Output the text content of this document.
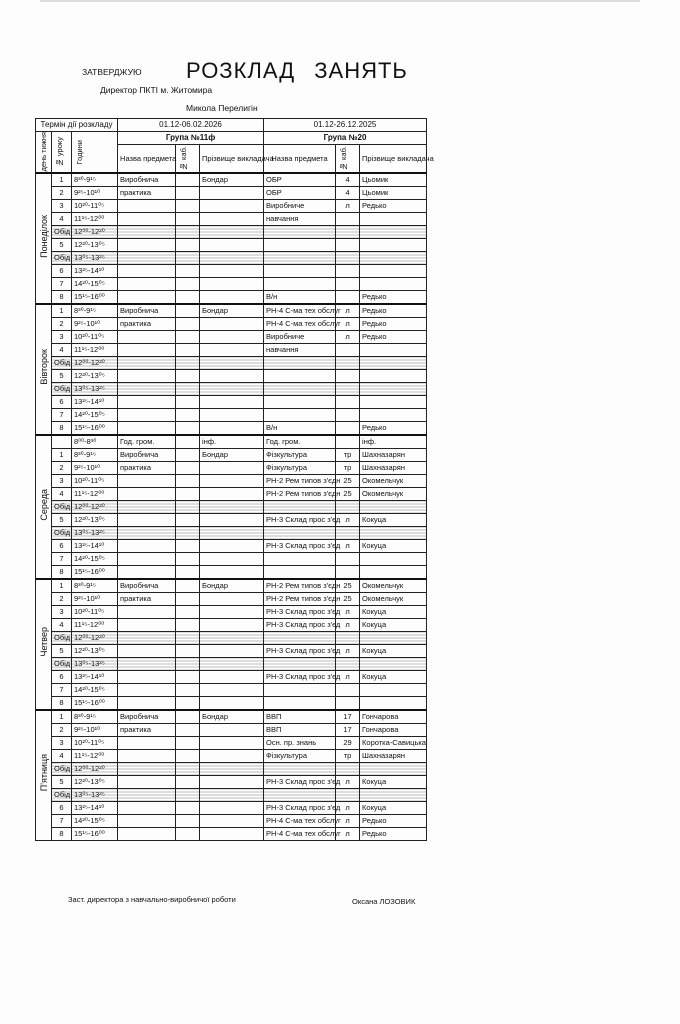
ЗАТВЕРДЖУЮ
Директор ПКТІ м. Житомира
Микола Перелигін
РОЗКЛАД ЗАНЯТЬ
Термін дії розкладу			01.12-06.02.2026			01.12-26.12.2025		

день тижня	№ уроку	Години	Група №11ф			Група №20		
			Назва предмета	№ каб.	Прізвище викладача	Назва предмета	№ каб.	Прізвище викладача
Понеділок	1	8³⁰-9¹⁵	Виробнича		Бондар	ОБР	4	Цьомик
	2	9²⁵-10¹⁰	практика			ОБР	4	Цьомик
	3	10²⁰-11⁰⁵				Виробниче	л	Редько
	4	11¹⁵-12⁰⁰				навчання		
	Обід	12⁰⁰-12²⁰						
	5	12²⁰-13⁰⁵						
	Обід	13⁰⁵-13²⁵						
	6	13²⁵-14¹⁰						
	7	14²⁰-15⁰⁵						
	8	15¹⁵-16⁰⁰				В/н		Редько
Вівторок	1	8³⁰-9¹⁵	Виробнича		Бондар	РН-4 С-ма тех обслуг	л	Редько
	2	9²⁵-10¹⁰	практика			РН-4 С-ма тех обслуг	л	Редько
	3	10²⁰-11⁰⁵				Виробниче	л	Редько
	4	11¹⁵-12⁰⁰				навчання		
	Обід	12⁰⁰-12²⁰						
	5	12²⁰-13⁰⁵						
	Обід	13⁰⁵-13²⁵						
	6	13²⁵-14¹⁰						
	7	14²⁰-15⁰⁵						
	8	15¹⁵-16⁰⁰				В/н		Редько
Середа		8⁰⁰-8³⁰	Год. гром.		інф.	Год. гром.		інф.
	1	8³⁰-9¹⁵	Виробнича		Бондар	Фізкультура	тр	Шахназарян
	2	9²⁵-10¹⁰	практика			Фізкультура	тр	Шахназарян
	3	10²⁰-11⁰⁵				РН-2 Рем типов з'єдн	25	Окомельчук
	4	11¹⁵-12⁰⁰				РН-2 Рем типов з'єдн	25	Окомельчук
	Обід	12⁰⁰-12²⁰						
	5	12²⁰-13⁰⁵				РН-3 Склад прос з'єд	л	Кокуца
	Обід	13⁰⁵-13²⁵						
	6	13²⁵-14¹⁰				РН-3 Склад прос з'єд	л	Кокуца
	7	14²⁰-15⁰⁵						
	8	15¹⁵-16⁰⁰						
Четвер	1	8³⁰-9¹⁵	Виробнича		Бондар	РН-2 Рем типов з'єдн	25	Окомельчук
	2	9²⁵-10¹⁰	практика			РН-2 Рем типов з'єдн	25	Окомельчук
	3	10²⁰-11⁰⁵				РН-3 Склад прос з'єд	л	Кокуца
	4	11¹⁵-12⁰⁰				РН-3 Склад прос з'єд	л	Кокуца
	Обід	12⁰⁰-12²⁰						
	5	12²⁰-13⁰⁵				РН-3 Склад прос з'єд	л	Кокуца
	Обід	13⁰⁵-13²⁵						
	6	13²⁵-14¹⁰				РН-3 Склад прос з'єд	л	Кокуца
	7	14²⁰-15⁰⁵						
	8	15¹⁵-16⁰⁰						
П'ятниця	1	8³⁰-9¹⁵	Виробнича		Бондар	ВВП	17	Гончарова
	2	9²⁵-10¹⁰	практика			ВВП	17	Гончарова
	3	10²⁰-11⁰⁵				Осн. пр. знань	29	Коротка-Савицька
	4	11¹⁵-12⁰⁰				Фізкультура	тр	Шахназарян
	Обід	12⁰⁰-12²⁰						
	5	12²⁰-13⁰⁵				РН-3 Склад прос з'єд	л	Кокуца
	Обід	13⁰⁵-13²⁵						
	6	13²⁵-14¹⁰				РН-3 Склад прос з'єд	л	Кокуца
	7	14²⁰-15⁰⁵				РН-4 С-ма тех обслуг	л	Редько
	8	15¹⁵-16⁰⁰				РН-4 С-ма тех обслуг	л	Редько
Заст. директора з навчально-виробничої роботи	Оксана ЛОЗОВИК
